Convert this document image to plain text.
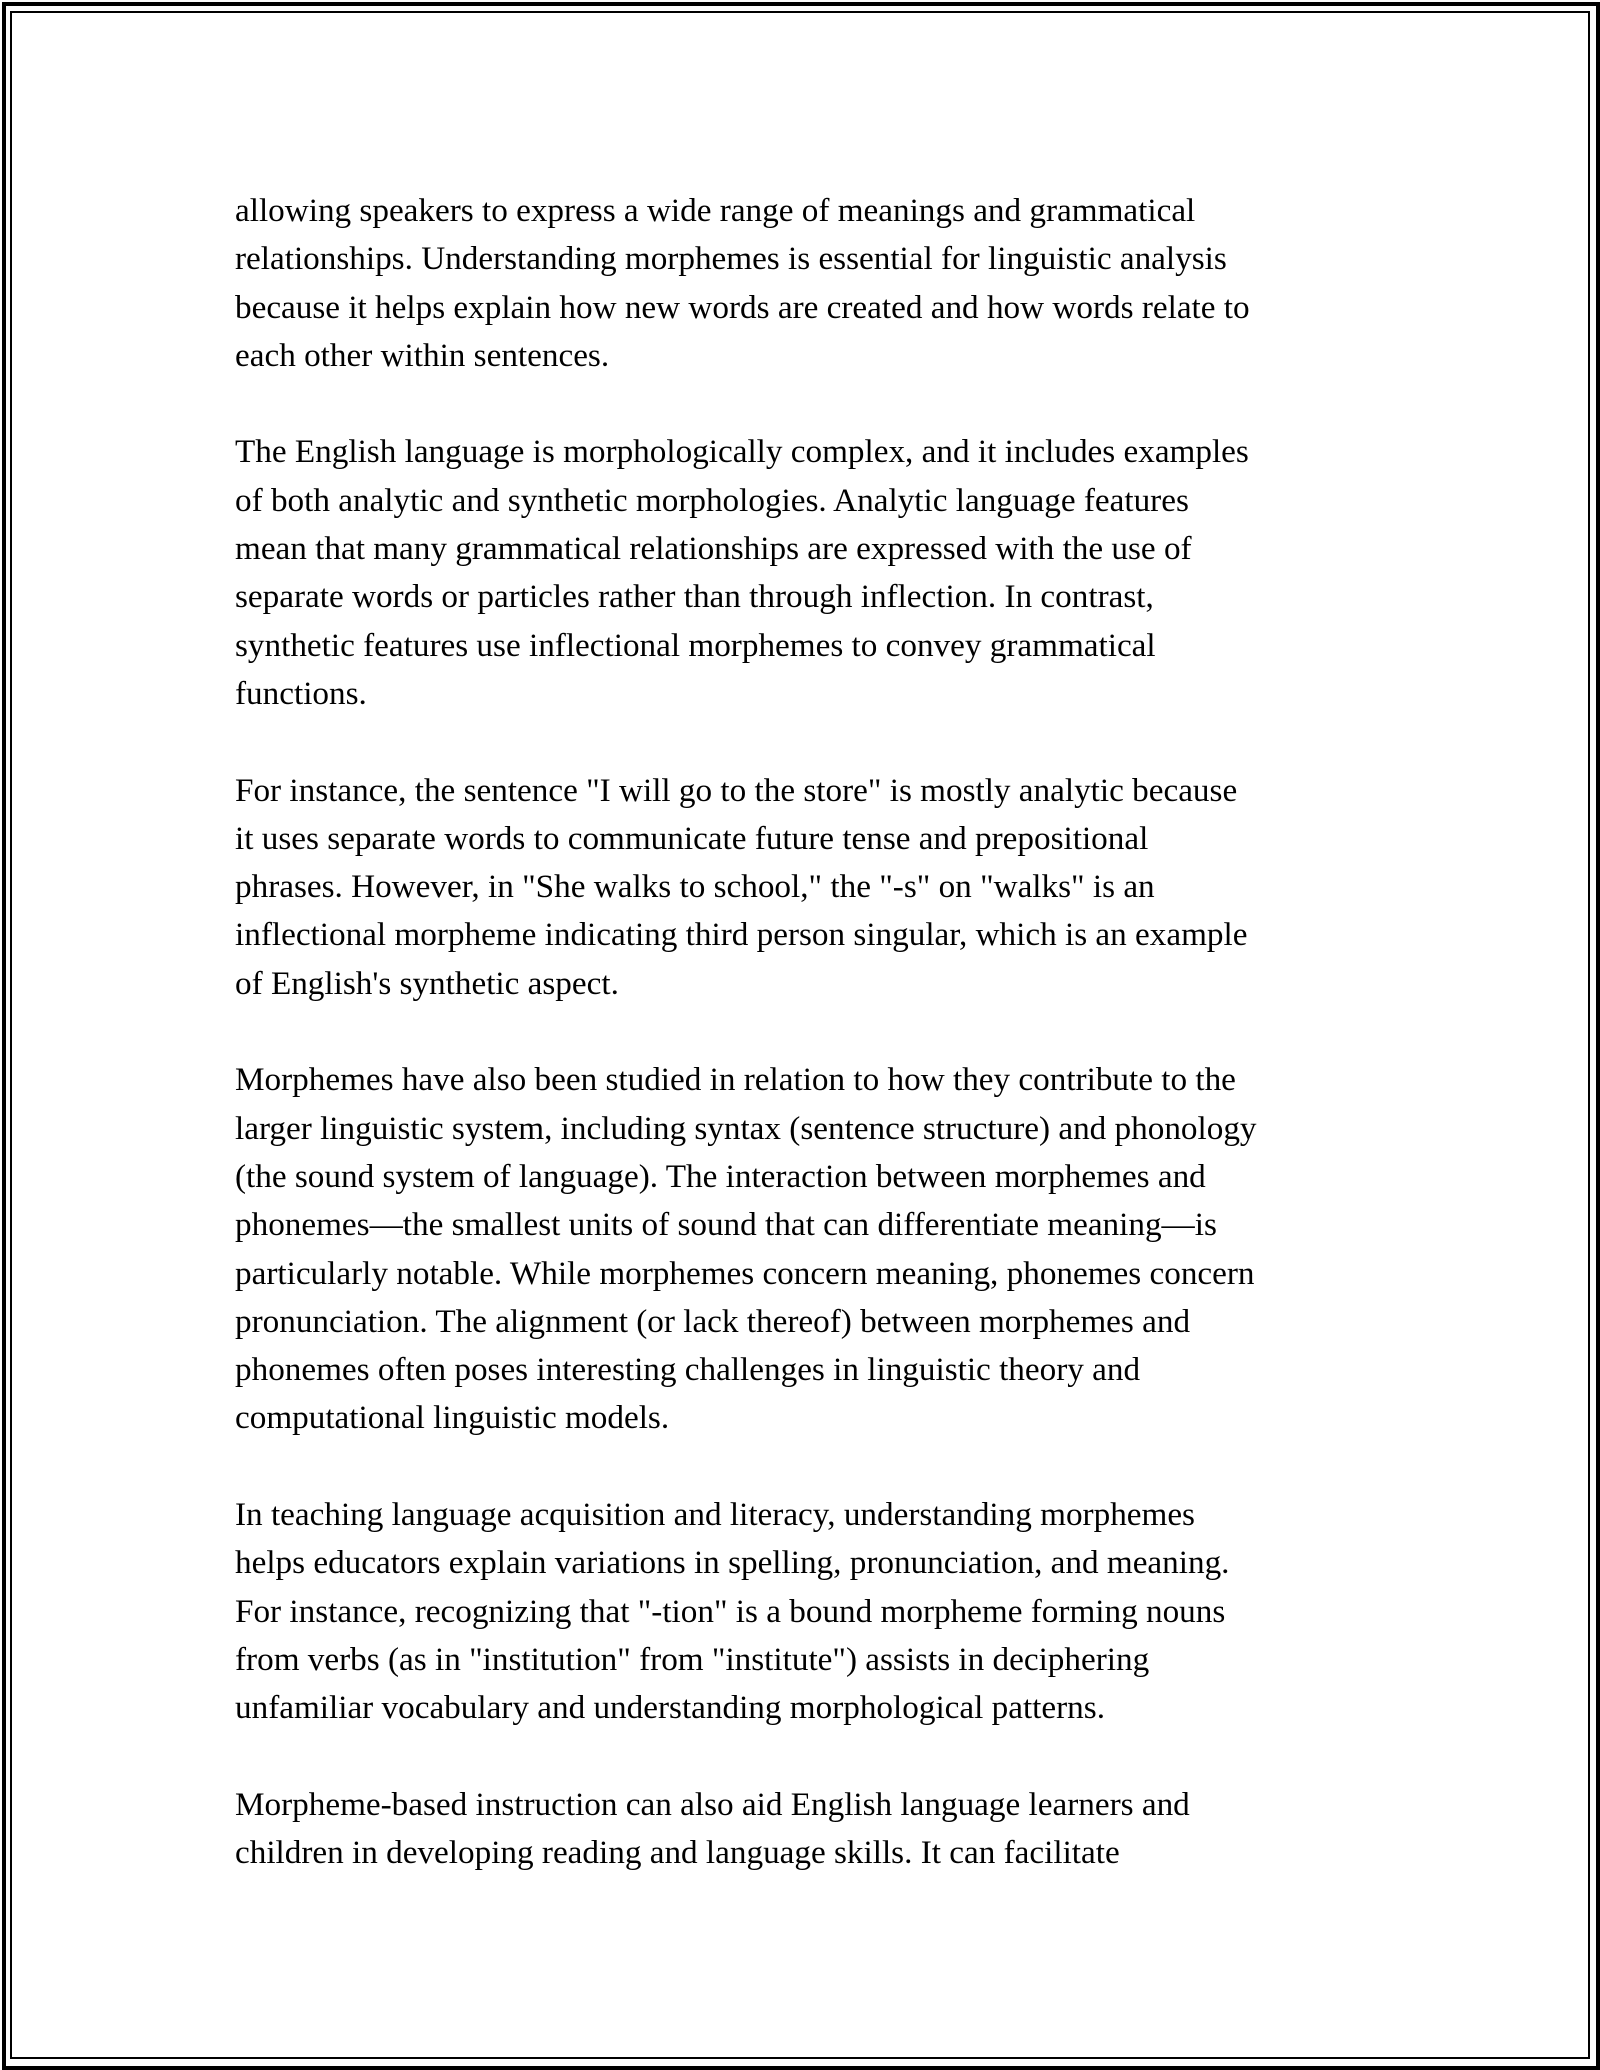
allowing speakers to express a wide range of meanings and grammatical
relationships. Understanding morphemes is essential for linguistic analysis
because it helps explain how new words are created and how words relate to
each other within sentences.

The English language is morphologically complex, and it includes examples
of both analytic and synthetic morphologies. Analytic language features
mean that many grammatical relationships are expressed with the use of
separate words or particles rather than through inflection. In contrast,
synthetic features use inflectional morphemes to convey grammatical
functions.

For instance, the sentence "I will go to the store" is mostly analytic because
it uses separate words to communicate future tense and prepositional
phrases. However, in "She walks to school," the "-s" on "walks" is an
inflectional morpheme indicating third person singular, which is an example
of English's synthetic aspect.

Morphemes have also been studied in relation to how they contribute to the
larger linguistic system, including syntax (sentence structure) and phonology
(the sound system of language). The interaction between morphemes and
phonemes—the smallest units of sound that can differentiate meaning—is
particularly notable. While morphemes concern meaning, phonemes concern
pronunciation. The alignment (or lack thereof) between morphemes and
phonemes often poses interesting challenges in linguistic theory and
computational linguistic models.

In teaching language acquisition and literacy, understanding morphemes
helps educators explain variations in spelling, pronunciation, and meaning.
For instance, recognizing that "-tion" is a bound morpheme forming nouns
from verbs (as in "institution" from "institute") assists in deciphering
unfamiliar vocabulary and understanding morphological patterns.

Morpheme-based instruction can also aid English language learners and
children in developing reading and language skills. It can facilitate
